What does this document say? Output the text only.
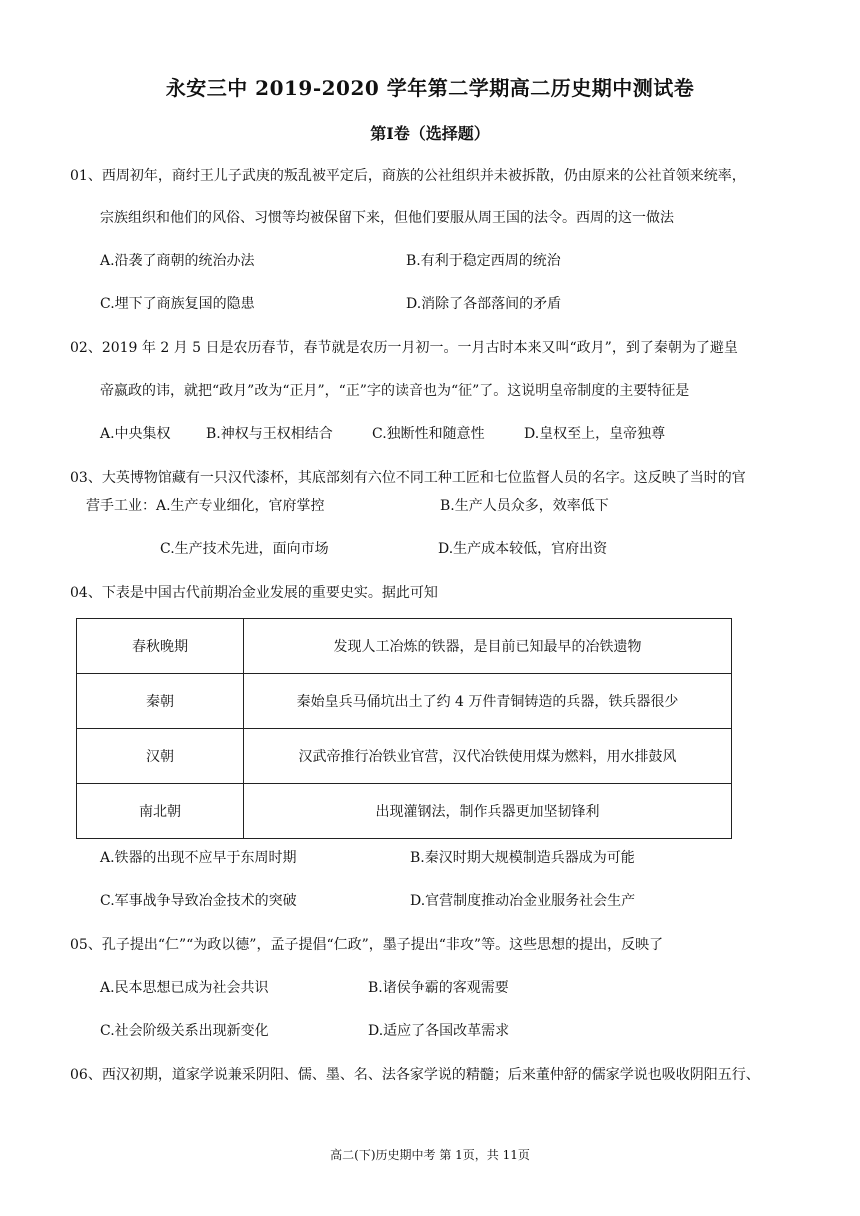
永安三中 2019-2020 学年第二学期高二历史期中测试卷
第Ⅰ卷（选择题）
01、西周初年，商纣王儿子武庚的叛乱被平定后，商族的公社组织并未被拆散，仍由原来的公社首领来统率，
宗族组织和他们的风俗、习惯等均被保留下来，但他们要服从周王国的法令。西周的这一做法
A.沿袭了商朝的统治办法	B.有利于稳定西周的统治
C.埋下了商族复国的隐患	D.消除了各部落间的矛盾
02、2019 年 2 月 5 日是农历春节，春节就是农历一月初一。一月古时本来又叫“政月”，到了秦朝为了避皇
帝嬴政的讳，就把“政月”改为“正月”，“正”字的读音也为“征”了。这说明皇帝制度的主要特征是
A.中央集权	B.神权与王权相结合	C.独断性和随意性	D.皇权至上，皇帝独尊
03、大英博物馆藏有一只汉代漆杯，其底部刻有六位不同工种工匠和七位监督人员的名字。这反映了当时的官
营手工业：A.生产专业细化，官府掌控	B.生产人员众多，效率低下
C.生产技术先进，面向市场	D.生产成本较低，官府出资
04、下表是中国古代前期冶金业发展的重要史实。据此可知
春秋晚期	发现人工冶炼的铁器，是目前已知最早的冶铁遗物
秦朝	秦始皇兵马俑坑出土了约 4 万件青铜铸造的兵器，铁兵器很少
汉朝	汉武帝推行冶铁业官营，汉代冶铁使用煤为燃料，用水排鼓风
南北朝	出现灌钢法，制作兵器更加坚韧锋利
A.铁器的出现不应早于东周时期	B.秦汉时期大规模制造兵器成为可能
C.军事战争导致冶金技术的突破	D.官营制度推动冶金业服务社会生产
05、孔子提出“仁”“为政以德”，孟子提倡“仁政”，墨子提出“非攻”等。这些思想的提出，反映了
A.民本思想已成为社会共识	B.诸侯争霸的客观需要
C.社会阶级关系出现新变化	D.适应了各国改革需求
06、西汉初期，道家学说兼采阴阳、儒、墨、名、法各家学说的精髓；后来董仲舒的儒家学说也吸收阴阳五行、
高二(下)历史期中考 第 1页，共 11页
